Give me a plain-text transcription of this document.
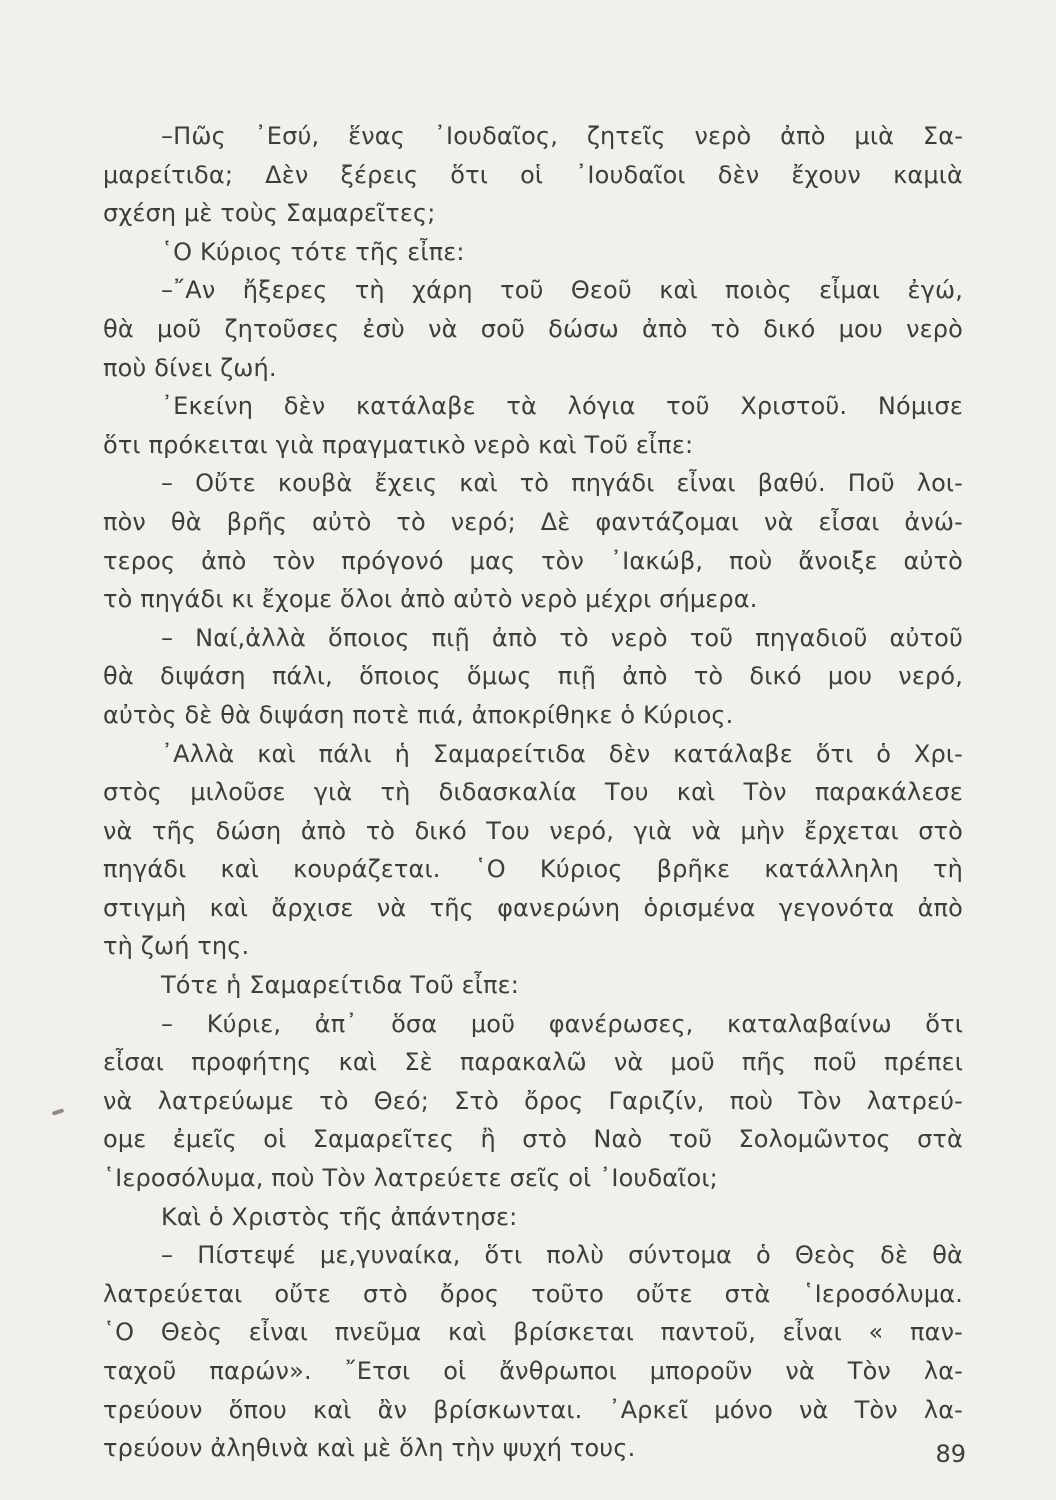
–Πῶς ᾿Εσύ, ἕνας ᾿Ιουδαῖος, ζητεῖς νερὸ ἀπὸ μιὰ Σα-
μαρείτιδα; Δὲν ξέρεις ὅτι οἱ ᾿Ιουδαῖοι δὲν ἔχουν καμιὰ
σχέση μὲ τοὺς Σαμαρεῖτες;
῾Ο Κύριος τότε τῆς εἶπε:
–῎Αν ἤξερες τὴ χάρη τοῦ Θεοῦ καὶ ποιὸς εἶμαι ἐγώ,
θὰ μοῦ ζητοῦσες ἐσὺ νὰ σοῦ δώσω ἀπὸ τὸ δικό μου νερὸ
ποὺ δίνει ζωή.
᾿Εκείνη δὲν κατάλαβε τὰ λόγια τοῦ Χριστοῦ. Νόμισε
ὅτι πρόκειται γιὰ πραγματικὸ νερὸ καὶ Τοῦ εἶπε:
– Οὔτε κουβὰ ἔχεις καὶ τὸ πηγάδι εἶναι βαθύ. Ποῦ λοι-
πὸν θὰ βρῆς αὐτὸ τὸ νερό; Δὲ φαντάζομαι νὰ εἶσαι ἀνώ-
τερος ἀπὸ τὸν πρόγονό μας τὸν ᾿Ιακώβ, ποὺ ἄνοιξε αὐτὸ
τὸ πηγάδι κι ἔχομε ὅλοι ἀπὸ αὐτὸ νερὸ μέχρι σήμερα.
– Ναί,ἀλλὰ ὅποιος πιῇ ἀπὸ τὸ νερὸ τοῦ πηγαδιοῦ αὐτοῦ
θὰ διψάση πάλι, ὅποιος ὅμως πιῇ ἀπὸ τὸ δικό μου νερό,
αὐτὸς δὲ θὰ διψάση ποτὲ πιά, ἀποκρίθηκε ὁ Κύριος.
᾿Αλλὰ καὶ πάλι ἡ Σαμαρείτιδα δὲν κατάλαβε ὅτι ὁ Χρι-
στὸς μιλοῦσε γιὰ τὴ διδασκαλία Του καὶ Τὸν παρακάλεσε
νὰ τῆς δώση ἀπὸ τὸ δικό Του νερό, γιὰ νὰ μὴν ἔρχεται στὸ
πηγάδι καὶ κουράζεται. ῾Ο Κύριος βρῆκε κατάλληλη τὴ
στιγμὴ καὶ ἄρχισε νὰ τῆς φανερώνη ὁρισμένα γεγονότα ἀπὸ
τὴ ζωή της.
Τότε ἡ Σαμαρείτιδα Τοῦ εἶπε:
– Κύριε, ἀπ᾿ ὅσα μοῦ φανέρωσες, καταλαβαίνω ὅτι
εἶσαι προφήτης καὶ Σὲ παρακαλῶ νὰ μοῦ πῆς ποῦ πρέπει
νὰ λατρεύωμε τὸ Θεό; Στὸ ὄρος Γαριζίν, ποὺ Τὸν λατρεύ-
ομε ἐμεῖς οἱ Σαμαρεῖτες ἢ στὸ Ναὸ τοῦ Σολομῶντος στὰ
῾Ιεροσόλυμα, ποὺ Τὸν λατρεύετε σεῖς οἱ ᾿Ιουδαῖοι;
Καὶ ὁ Χριστὸς τῆς ἀπάντησε:
– Πίστεψέ με,γυναίκα, ὅτι πολὺ σύντομα ὁ Θεὸς δὲ θὰ
λατρεύεται οὔτε στὸ ὄρος τοῦτο οὔτε στὰ ῾Ιεροσόλυμα.
῾Ο Θεὸς εἶναι πνεῦμα καὶ βρίσκεται παντοῦ, εἶναι « παν-
ταχοῦ παρών». ῎Ετσι οἱ ἄνθρωποι μποροῦν νὰ Τὸν λα-
τρεύουν ὅπου καὶ ἂν βρίσκωνται. ᾿Αρκεῖ μόνο νὰ Τὸν λα-
τρεύουν ἀληθινὰ καὶ μὲ ὅλη τὴν ψυχή τους.	89
